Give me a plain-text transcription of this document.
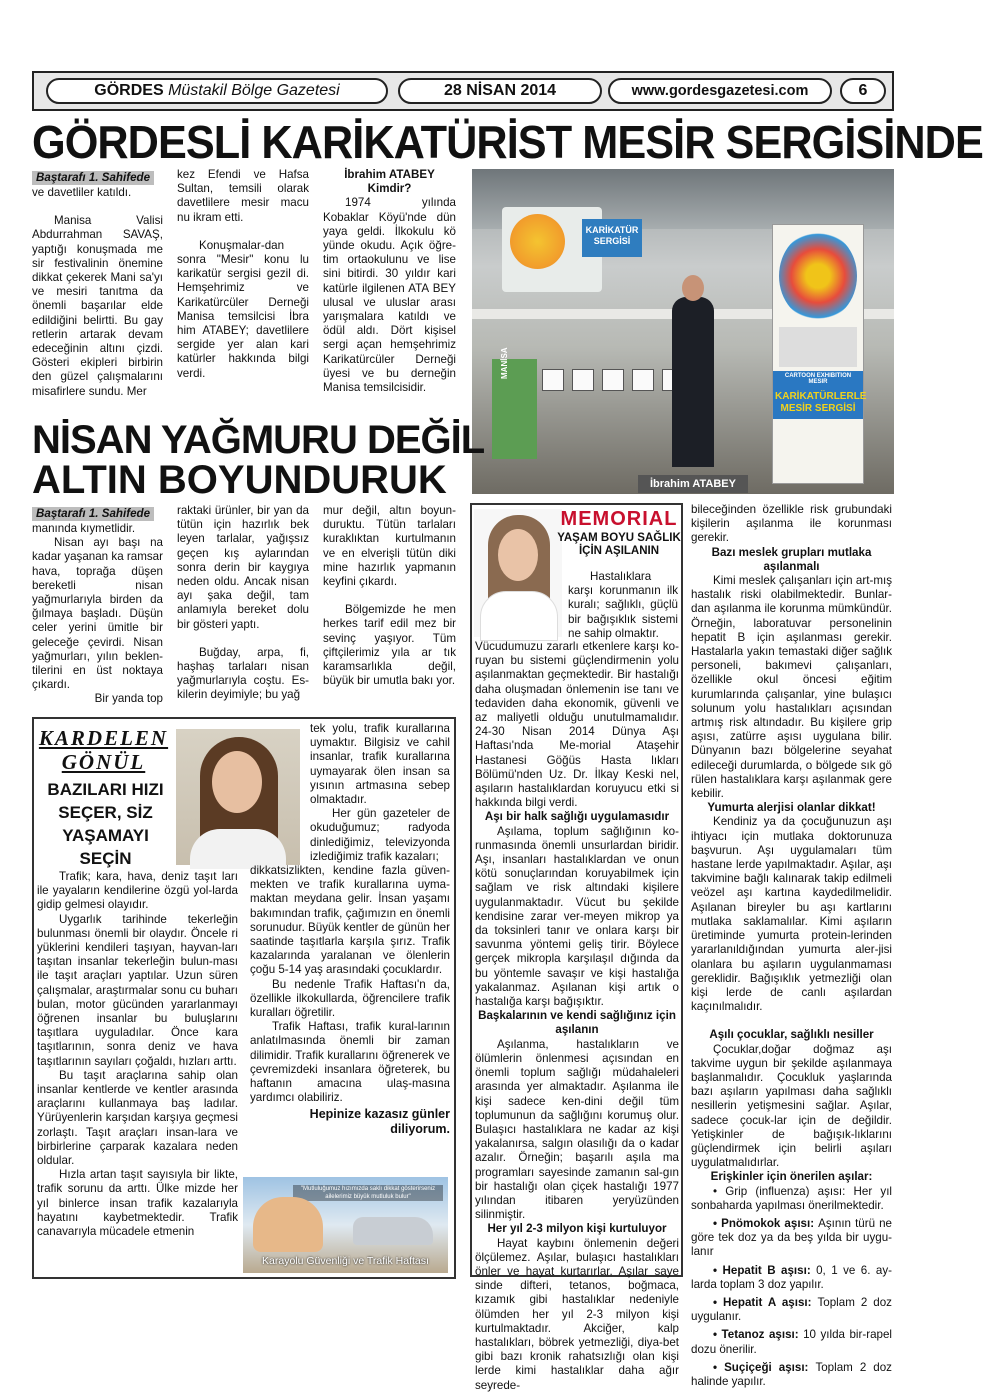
GÖRDES Müstakil Bölge Gazetesi	28 NİSAN 2014	www.gordesgazetesi.com	6
GÖRDESLİ KARİKATÜRİST MESİR SERGİSİNDE
Baştarafı 1. Sahifede

ve davetliler katıldı.

Manisa Valisi Abdurrahman SAVAŞ, yaptığı konuşmada me sir festivalinin önemine dikkat çekerek Mani sa'yı ve mesiri tanıtma da önemli başarılar elde edildiğini belirtti. Bu gay retlerin artarak devam edeceğinin altını çizdi. Gösteri ekipleri birbirin den güzel çalışmalarını misafirlere sundu. Mer

kez Efendi ve Hafsa Sultan, temsili olarak davetlilere mesir macu nu ikram etti.

Konuşmalar-dan sonra "Mesir" konu lu karikatür sergisi gezil di. Hemşehrimiz ve Karikatürcüler Derneği Manisa temsilcisi İbra him ATABEY; davetlilere sergide yer alan kari katürler hakkında bilgi verdi.

İbrahim ATABEY
Kimdir?

1974 yılında Kobaklar Köyü'nde dün yaya geldi. İlkokulu kö yünde okudu. Açık öğre-tim ortaokulunu ve lise sini bitirdi. 30 yıldır kari katürle ilgilenen ATA BEY ulusal ve uluslar arası yarışmalara katıldı ve ödül aldı. Dört kişisel sergi açan hemşehrimiz Karikatürcüler Derneği üyesi ve bu derneğin Manisa temsilcisidir.

KARİKATÜR SERGİSİ
MANİSA	CARTOON EXHIBITION MESIR
KARİKATÜRLERLE MESİR SERGİSİ
İbrahim ATABEY
NİSAN YAĞMURU DEĞİL
ALTIN BOYUNDURUK
Baştarafı 1. Sahifede

manında kıymetlidir.

Nisan ayı başı na kadar yaşanan ka ramsar hava, toprağa düşen bereketli nisan yağmurlarıyla birden da ğılmaya başladı. Düşün celer yerini ümitle bir geleceğe çevirdi. Nisan yağmurları, yılın beklen-tilerini en üst noktaya çıkardı.

Bir yanda top

raktaki ürünler, bir yan da tütün için hazırlık bek leyen tarlalar, yağışsız geçen kış aylarından sonra derin bir kaygıya neden oldu. Ancak nisan ayı şaka değil, tam anlamıyla bereket dolu bir gösteri yaptı.

Buğday, arpa, fi, haşhaş tarlaları nisan yağmurlarıyla coştu. Es-kilerin deyimiyle; bu yağ

mur değil, altın boyun-duruktu. Tütün tarlaları kuraklıktan kurtulmanın ve en elverişli tütün diki mine hazırlık yapmanın keyfini çıkardı.

Bölgemizde he men herkes tarif edil mez bir sevinç yaşıyor. Tüm çiftçilerimiz yıla ar tık karamsarlıkla değil, büyük bir umutla bakı yor.

KARDELEN
GÖNÜL
BAZILARI HIZI SEÇER, SİZ YAŞAMAYI SEÇİN

Trafik; kara, hava, deniz taşıt ları ile yayaların kendilerine özgü yol-larda gidip gelmesi olayıdır.

Uygarlık tarihinde tekerleğin bulunması önemli bir olaydır. Öncele ri yüklerini kendileri taşıyan, hayvan-ları taşıtan insanlar tekerleğin bulun-ması ile taşıt araçları yaptılar. Uzun süren çalışmalar, araştırmalar sonu cu buharı bulan, motor gücünden yararlanmayı öğrenen insanlar bu buluşlarını taşıtlara uyguladılar. Önce kara taşıtlarının, sonra deniz ve hava taşıtlarının sayıları çoğaldı, hızları arttı.

Bu taşıt araçlarına sahip olan insanlar kentlerde ve kentler arasında araçlarını kullanmaya baş ladılar. Yürüyenlerin karşıdan karşıya geçmesi zorlaştı. Taşıt araçları insan-lara ve birbirlerine çarparak kazalara neden oldular.

Hızla artan taşıt sayısıyla bir likte, trafik sorunu da arttı. Ülke mizde her yıl binlerce insan trafik kazalarıyla hayatını kaybetmektedir. Trafik canavarıyla mücadele etmenin

tek yolu, trafik kurallarına uymaktır. Bilgisiz ve cahil insanlar, trafik kurallarına uymayarak ölen insan sa yısının artmasına sebep olmaktadır.

Her gün gazeteler de okuduğumuz; radyoda dinlediğimiz, televizyonda izlediğimiz trafik kazaları;

dikkatsizlikten, kendine fazla güven-mekten ve trafik kurallarına uyma-maktan meydana gelir. İnsan yaşamı bakımından trafik, çağımızın en önemli sorunudur. Büyük kentler de günün her saatinde taşıtlarla karşıla şırız. Trafik kazalarında yaralanan ve ölenlerin çoğu 5-14 yaş arasındaki çocuklardır.

Bu nedenle Trafik Haftası'n da, özellikle ilkokullarda, öğrencilere trafik kuralları öğretilir.

Trafik Haftası, trafik kural-larının anlatılmasında önemli bir zaman dilimidir. Trafik kurallarını öğrenerek ve çevremizdeki insanlara öğreterek, bu haftanın amacına ulaş-masına yardımcı olabiliriz.

Hepinize kazasız günler diliyorum.
"Mutluluğumuz hızımızda saklı dikkat gösterirseniz ailelerimiz büyük mutluluk bulur"
Karayolu Güvenliği ve Trafik Haftası
MEMORIAL
YAŞAM BOYU SAĞLIK İÇİN AŞILANIN

Hastalıklara karşı korunmanın ilk kuralı; sağlıklı, güçlü bir bağışıklık sistemi ne sahip olmaktır.

Vücudumuzu zararlı etkenlere karşı ko-ruyan bu sistemi güçlendirmenin yolu aşılanmaktan geçmektedir. Bir hastalığı daha oluşmadan önlemenin ise tanı ve tedaviden daha ekonomik, güvenli ve az maliyetli olduğu unutulmamalıdır. 24-30 Nisan 2014 Dünya Aşı Haftası'nda Me-morial Ataşehir Hastanesi Göğüs Hasta lıkları Bölümü'nden Uz. Dr. İlkay Keski nel, aşıların hastalıklardan koruyucu etki si hakkında bilgi verdi.

Aşı bir halk sağlığı uygulamasıdır

Aşılama, toplum sağlığının ko-runmasında önemli unsurlardan biridir. Aşı, insanları hastalıklardan ve onun kötü sonuçlarından koruyabilmek için sağlam ve risk altındaki kişilere uygulanmaktadır. Vücut bu şekilde kendisine zarar ver-meyen mikrop ya da toksinleri tanır ve onlara karşı bir savunma yöntemi geliş tirir. Böylece gerçek mikropla karşılaşıl dığında da bu yöntemle savaşır ve kişi hastalığa yakalanmaz. Aşılanan kişi artık o hastalığa karşı bağışıktır.

Başkalarının ve kendi sağlığınız için aşılanın

Aşılanma, hastalıkların ve ölümlerin önlenmesi açısından en önemli toplum sağlığı müdahaleleri arasında yer almaktadır. Aşılanma ile kişi sadece ken-dini değil tüm toplumunun da sağlığını korumuş olur. Bulaşıcı hastalıklara ne kadar az kişi yakalanırsa, salgın olasılığı da o kadar azalır. Örneğin; başarılı aşıla ma programları sayesinde zamanın sal-gın bir hastalığı olan çiçek hastalığı 1977 yılından itibaren yeryüzünden silinmiştir.

Her yıl 2-3 milyon kişi kurtuluyor

Hayat kaybını önlemenin değeri ölçülemez. Aşılar, bulaşıcı hastalıkları önler ve hayat kurtarırlar. Aşılar saye sinde difteri, tetanos, boğmaca, kızamık gibi hastalıklar nedeniyle ölümden her yıl 2-3 milyon kişi kurtulmaktadır. Akciğer, kalp hastalıkları, böbrek yetmezliği, diya-bet gibi bazı kronik rahatsızlığı olan kişi lerde kimi hastalıklar daha ağır seyrede-

bileceğinden özellikle risk grubundaki kişilerin aşılanma ile korunması gerekir.

Bazı meslek grupları mutlaka aşılanmalı

Kimi meslek çalışanları için art-mış hastalık riski olabilmektedir. Bunlar-dan aşılanma ile korunma mümkündür. Örneğin, laboratuvar personelinin hepatit B için aşılanması gerekir. Hastalarla yakın temastaki diğer sağlık personeli, bakımevi çalışanları, özellikle okul öncesi eğitim kurumlarında çalışanlar, yine bulaşıcı solunum yolu hastalıkları açısından artmış risk altındadır. Bu kişilere grip aşısı, zatürre aşısı uygulana bilir. Dünyanın bazı bölgelerine seyahat edileceği durumlarda, o bölgede sık gö rülen hastalıklara karşı aşılanmak gere kebilir.

Yumurta alerjisi olanlar dikkat!

Kendiniz ya da çocuğunuzun aşı ihtiyacı için mutlaka doktorunuza başvurun. Aşı uygulamaları tüm hastane lerde yapılmaktadır. Aşılar, aşı takvimine bağlı kalınarak takip edilmeli veözel aşı kartına kaydedilmelidir. Aşılanan bireyler bu aşı kartlarını mutlaka saklamalılar. Kimi aşıların üretiminde yumurta protein-lerinden yararlanıldığından yumurta aler-jisi olanlara bu aşıların uygulanmaması gereklidir. Bağışıklık yetmezliği olan kişi lerde de canlı aşılardan kaçınılmalıdır.

Aşılı çocuklar, sağlıklı nesiller

Çocuklar,doğar doğmaz aşı takvime uygun bir şekilde aşılanmaya başlanmalıdır. Çocukluk yaşlarında bazı aşıların yapılması daha sağlıklı nesillerin yetişmesini sağlar. Aşılar, sadece çocuk-lar için de değildir. Yetişkinler de bağışık-lıklarını güçlendirmek için belirli aşıları uygulatmalıdırlar.

Erişkinler için önerilen aşılar:

• Grip (influenza) aşısı: Her yıl sonbaharda yapılması önerilmektedir.

• Pnömokok aşısı: Aşının türü ne göre tek doz ya da beş yılda bir uygu-lanır

• Hepatit B aşısı: 0, 1 ve 6. ay-larda toplam 3 doz yapılır.

• Hepatit A aşısı: Toplam 2 doz uygulanır.

• Tetanoz aşısı: 10 yılda bir-rapel dozu önerilir.

• Suçiçeği aşısı: Toplam 2 doz halinde yapılır.
